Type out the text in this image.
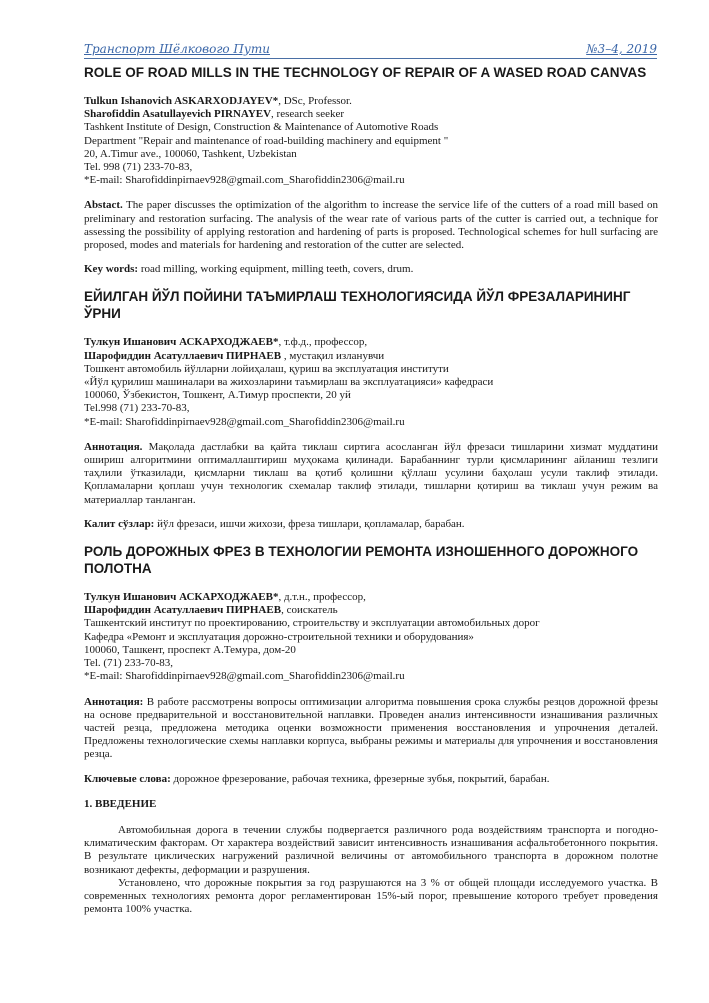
Транспорт Шёлкового Пути	№3–4, 2019
ROLE OF ROAD MILLS IN THE TECHNOLOGY OF REPAIR OF A WASED ROAD CANVAS

Tulkun Ishanovich ASKARXODJAYEV*, DSc, Professor.

Sharofiddin Asatullayevich PIRNAYEV, research seeker

Tashkent Institute of Design, Construction & Maintenance of Automotive Roads

Department "Repair and maintenance of road-building machinery and equipment "

20, A.Timur ave., 100060, Tashkent, Uzbekistan

Tel. 998 (71) 233-70-83,

*E-mail: Sharofiddinpirnaev928@gmail.com_Sharofiddin2306@mail.ru

Abstact. The paper discusses the optimization of the algorithm to increase the service life of the cutters of a road mill based on preliminary and restoration surfacing. The analysis of the wear rate of various parts of the cutter is carried out, a technique for assessing the possibility of applying restoration and hardening of parts is proposed. Technological schemes for hull surfacing are proposed, modes and materials for hardening and restoration of the cutter are selected.

Key words: road milling, working equipment, milling teeth, covers, drum.

ЕЙИЛГАН ЙЎЛ ПОЙИНИ ТАЪМИРЛАШ ТЕХНОЛОГИЯСИДА ЙЎЛ ФРЕЗАЛАРИНИНГ ЎРНИ

Тулкун Ишанович АСКАРХОДЖАЕВ*, т.ф.д., профессор,

Шарофиддин Асатуллаевич ПИРНАЕВ , мустақил изланувчи

Тошкент автомобиль йўлларни лойиҳалаш, қуриш ва эксплуатация институти

«Йўл қурилиш машиналари ва жихозларини таъмирлаш ва эксплуатацияси» кафедраси

100060, Ўзбекистон, Тошкент, А.Тимур проспекти, 20 уй

Tel.998 (71) 233-70-83,

*E-mail: Sharofiddinpirnaev928@gmail.com_Sharofiddin2306@mail.ru

Аннотация. Мақолада дастлабки ва қайта тиклаш сиртига асосланган йўл фрезаси тишларини хизмат муддатини ошириш алгоритмини оптималлаштириш муҳокама қилинади. Барабаннинг турли қисмларининг айланиш тезлиги таҳлили ўтказилади, қисмларни тиклаш ва қотиб қолишни қўллаш усулини баҳолаш усули таклиф этилади. Қопламаларни қоплаш учун технологик схемалар таклиф этилади, тишларни қотириш ва тиклаш учун режим ва материаллар танланган.

Калит сўзлар: йўл фрезаси, ишчи жихози, фреза тишлари, қопламалар, барабан.

РОЛЬ ДОРОЖНЫХ ФРЕЗ В ТЕХНОЛОГИИ РЕМОНТА ИЗНОШЕННОГО ДОРОЖНОГО ПОЛОТНА

Тулкун Ишанович АСКАРХОДЖАЕВ*, д.т.н., профессор,

Шарофиддин Асатуллаевич ПИРНАЕВ, соискатель

Ташкентский институт по проектированию, строительству и эксплуатации автомобильных дорог

Кафедра «Ремонт и эксплуатация дорожно-строительной техники и оборудования»

100060, Ташкент, проспект А.Темура, дом-20

Tel. (71) 233-70-83,

*E-mail: Sharofiddinpirnaev928@gmail.com_Sharofiddin2306@mail.ru

Аннотация: В работе рассмотрены вопросы оптимизации алгоритма повышения срока службы резцов дорожной фрезы на основе предварительной и восстановительной наплавки. Проведен анализ интенсивности изнашивания различных частей резца, предложена методика оценки возможности применения восстановления и упрочнения деталей. Предложены технологические схемы наплавки корпуса, выбраны режимы и материалы для упрочнения и восстановления резца.

Ключевые слова: дорожное фрезерование, рабочая техника, фрезерные зубья, покрытий, барабан.

1. ВВЕДЕНИЕ

Автомобильная дорога в течении службы подвергается различного рода воздействиям транспорта и погодно-климатическим факторам. От характера воздействий зависит интенсивность изнашивания асфальтобетонного покрытия. В результате циклических нагружений различной величины от автомобильного транспорта в дорожном полотне возникают дефекты, деформации и разрушения.

Установлено, что дорожные покрытия за год разрушаются на 3 % от общей площади исследуемого участка. В современных технологиях ремонта дорог регламентирован 15%-ый порог, превышение которого требует проведения ремонта 100% участка.
